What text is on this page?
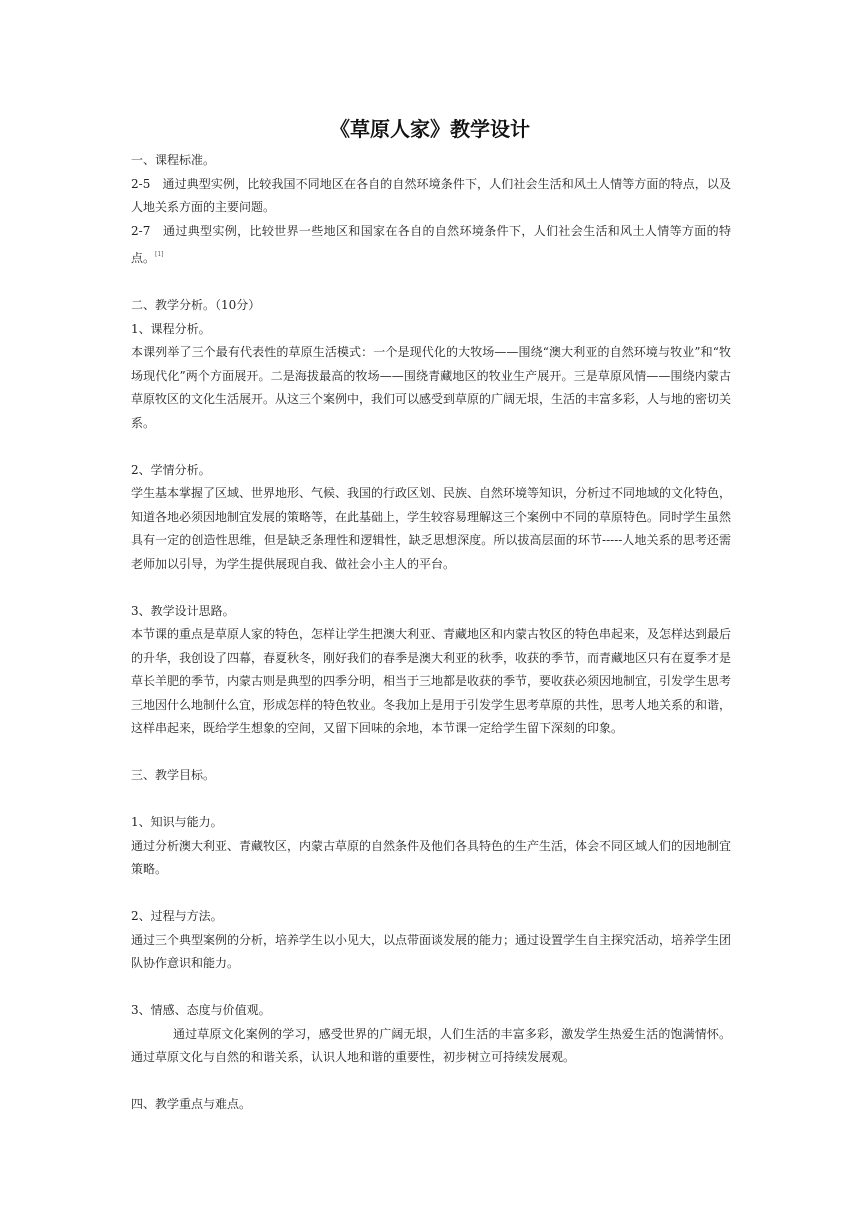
《草原人家》教学设计

一、课程标准。

2-5　通过典型实例，比较我国不同地区在各自的自然环境条件下，人们社会生活和风土人情等方面的特点，以及人地关系方面的主要问题。

2-7　通过典型实例，比较世界一些地区和国家在各自的自然环境条件下，人们社会生活和风土人情等方面的特点。[1]

二、教学分析。（10分）

1、课程分析。

本课列举了三个最有代表性的草原生活模式：一个是现代化的大牧场——围绕“澳大利亚的自然环境与牧业”和“牧场现代化”两个方面展开。二是海拔最高的牧场——围绕青藏地区的牧业生产展开。三是草原风情——围绕内蒙古草原牧区的文化生活展开。从这三个案例中，我们可以感受到草原的广阔无垠，生活的丰富多彩，人与地的密切关系。

2、学情分析。

学生基本掌握了区域、世界地形、气候、我国的行政区划、民族、自然环境等知识，分析过不同地域的文化特色，知道各地必须因地制宜发展的策略等，在此基础上，学生较容易理解这三个案例中不同的草原特色。同时学生虽然具有一定的创造性思维，但是缺乏条理性和逻辑性，缺乏思想深度。所以拔高层面的环节-----人地关系的思考还需老师加以引导，为学生提供展现自我、做社会小主人的平台。

3、教学设计思路。

本节课的重点是草原人家的特色，怎样让学生把澳大利亚、青藏地区和内蒙古牧区的特色串起来，及怎样达到最后的升华，我创设了四幕，春夏秋冬，刚好我们的春季是澳大利亚的秋季，收获的季节，而青藏地区只有在夏季才是草长羊肥的季节，内蒙古则是典型的四季分明，相当于三地都是收获的季节，要收获必须因地制宜，引发学生思考三地因什么地制什么宜，形成怎样的特色牧业。冬我加上是用于引发学生思考草原的共性，思考人地关系的和谐，这样串起来，既给学生想象的空间，又留下回味的余地，本节课一定给学生留下深刻的印象。

三、教学目标。

1、知识与能力。

通过分析澳大利亚、青藏牧区，内蒙古草原的自然条件及他们各具特色的生产生活，体会不同区域人们的因地制宜策略。

2、过程与方法。

通过三个典型案例的分析，培养学生以小见大，以点带面谈发展的能力；通过设置学生自主探究活动，培养学生团队协作意识和能力。

3、情感、态度与价值观。

通过草原文化案例的学习，感受世界的广阔无垠，人们生活的丰富多彩，激发学生热爱生活的饱满情怀。通过草原文化与自然的和谐关系，认识人地和谐的重要性，初步树立可持续发展观。

四、教学重点与难点。
